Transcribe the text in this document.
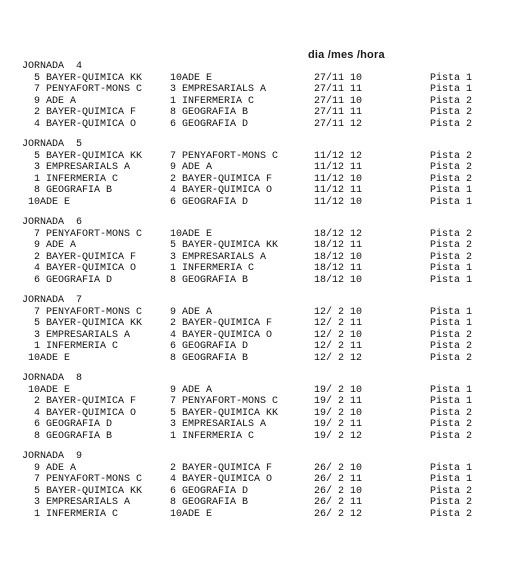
dia /mes /hora
JORNADA  4
5 BAYER-QUIMICA KK	10ADE E	27/11 10	Pista 1
7 PENYAFORT-MONS C	3 EMPRESARIALS A	27/11 11	Pista 1
9 ADE A	1 INFERMERIA C	27/11 10	Pista 2
2 BAYER-QUIMICA F	8 GEOGRAFIA B	27/11 11	Pista 2
4 BAYER-QUIMICA O	6 GEOGRAFIA D	27/11 12	Pista 2
JORNADA  5
5 BAYER-QUIMICA KK	7 PENYAFORT-MONS C	11/12 12	Pista 2
3 EMPRESARIALS A	9 ADE A	11/12 11	Pista 2
1 INFERMERIA C	2 BAYER-QUIMICA F	11/12 10	Pista 2
8 GEOGRAFIA B	4 BAYER-QUIMICA O	11/12 11	Pista 1
10ADE E	6 GEOGRAFIA D	11/12 10	Pista 1
JORNADA  6
7 PENYAFORT-MONS C	10ADE E	18/12 12	Pista 2
9 ADE A	5 BAYER-QUIMICA KK	18/12 11	Pista 2
2 BAYER-QUIMICA F	3 EMPRESARIALS A	18/12 10	Pista 2
4 BAYER-QUIMICA O	1 INFERMERIA C	18/12 11	Pista 1
6 GEOGRAFIA D	8 GEOGRAFIA B	18/12 10	Pista 1
JORNADA  7
7 PENYAFORT-MONS C	9 ADE A	12/ 2 10	Pista 1
5 BAYER-QUIMICA KK	2 BAYER-QUIMICA F	12/ 2 11	Pista 1
3 EMPRESARIALS A	4 BAYER-QUIMICA O	12/ 2 10	Pista 2
1 INFERMERIA C	6 GEOGRAFIA D	12/ 2 11	Pista 2
10ADE E	8 GEOGRAFIA B	12/ 2 12	Pista 2
JORNADA  8
10ADE E	9 ADE A	19/ 2 10	Pista 1
2 BAYER-QUIMICA F	7 PENYAFORT-MONS C	19/ 2 11	Pista 1
4 BAYER-QUIMICA O	5 BAYER-QUIMICA KK	19/ 2 10	Pista 2
6 GEOGRAFIA D	3 EMPRESARIALS A	19/ 2 11	Pista 2
8 GEOGRAFIA B	1 INFERMERIA C	19/ 2 12	Pista 2
JORNADA  9
9 ADE A	2 BAYER-QUIMICA F	26/ 2 10	Pista 1
7 PENYAFORT-MONS C	4 BAYER-QUIMICA O	26/ 2 11	Pista 1
5 BAYER-QUIMICA KK	6 GEOGRAFIA D	26/ 2 10	Pista 2
3 EMPRESARIALS A	8 GEOGRAFIA B	26/ 2 11	Pista 2
1 INFERMERIA C	10ADE E	26/ 2 12	Pista 2
